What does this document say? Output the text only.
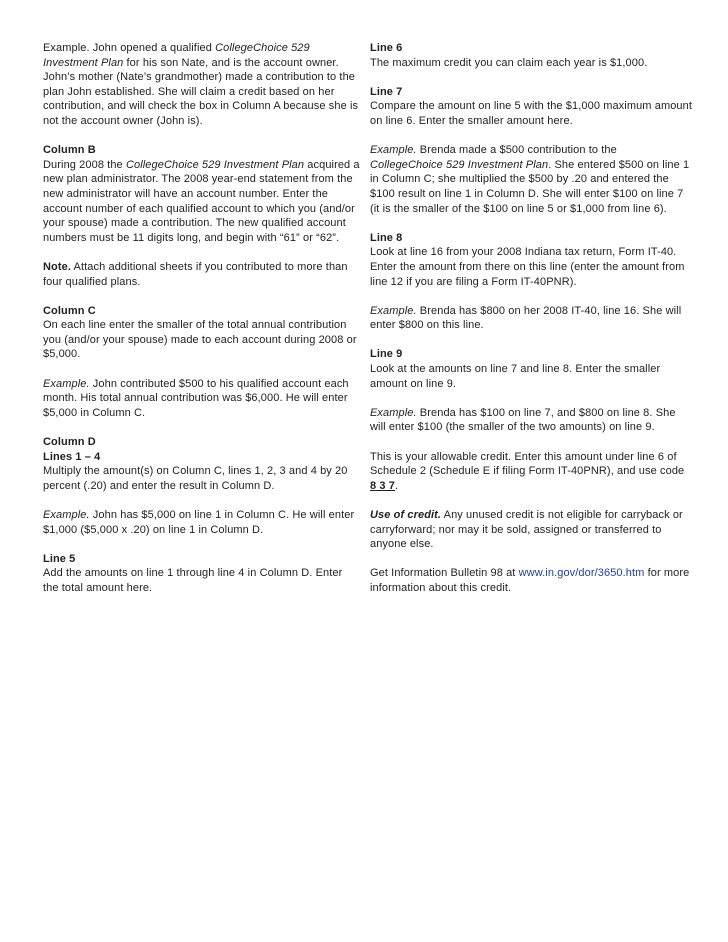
Example. John opened a qualified CollegeChoice 529 Investment Plan for his son Nate, and is the account owner. John’s mother (Nate’s grandmother) made a contribution to the plan John established. She will claim a credit based on her contribution, and will check the box in Column A because she is not the account owner (John is).

Column B
During 2008 the CollegeChoice 529 Investment Plan acquired a new plan administrator. The 2008 year-end statement from the new administrator will have an account number. Enter the account number of each qualified account to which you (and/or your spouse) made a contribution. The new qualified account numbers must be 11 digits long, and begin with “61” or “62”.

Note. Attach additional sheets if you contributed to more than four qualified plans.

Column C
On each line enter the smaller of the total annual contribution you (and/or your spouse) made to each account during 2008 or $5,000.

Example. John contributed $500 to his qualified account each month. His total annual contribution was $6,000. He will enter $5,000 in Column C.

Column D
Lines 1 – 4
Multiply the amount(s) on Column C, lines 1, 2, 3 and 4 by 20 percent (.20) and enter the result in Column D.

Example. John has $5,000 on line 1 in Column C. He will enter $1,000 ($5,000 x .20) on line 1 in Column D.

Line 5
Add the amounts on line 1 through line 4 in Column D. Enter the total amount here.

Line 6
The maximum credit you can claim each year is $1,000.

Line 7
Compare the amount on line 5 with the $1,000 maximum amount on line 6. Enter the smaller amount here.

Example. Brenda made a $500 contribution to the CollegeChoice 529 Investment Plan. She entered $500 on line 1 in Column C; she multiplied the $500 by .20 and entered the $100 result on line 1 in Column D. She will enter $100 on line 7 (it is the smaller of the $100 on line 5 or $1,000 from line 6).

Line 8
Look at line 16 from your 2008 Indiana tax return, Form IT-40. Enter the amount from there on this line (enter the amount from line 12 if you are filing a Form IT-40PNR).

Example. Brenda has $800 on her 2008 IT-40, line 16. She will enter $800 on this line.

Line 9
Look at the amounts on line 7 and line 8. Enter the smaller amount on line 9.

Example. Brenda has $100 on line 7, and $800 on line 8. She will enter $100 (the smaller of the two amounts) on line 9.

This is your allowable credit. Enter this amount under line 6 of Schedule 2 (Schedule E if filing Form IT-40PNR), and use code 8 3 7.

Use of credit. Any unused credit is not eligible for carryback or carryforward; nor may it be sold, assigned or transferred to anyone else.

Get Information Bulletin 98 at www.in.gov/dor/3650.htm for more information about this credit.
